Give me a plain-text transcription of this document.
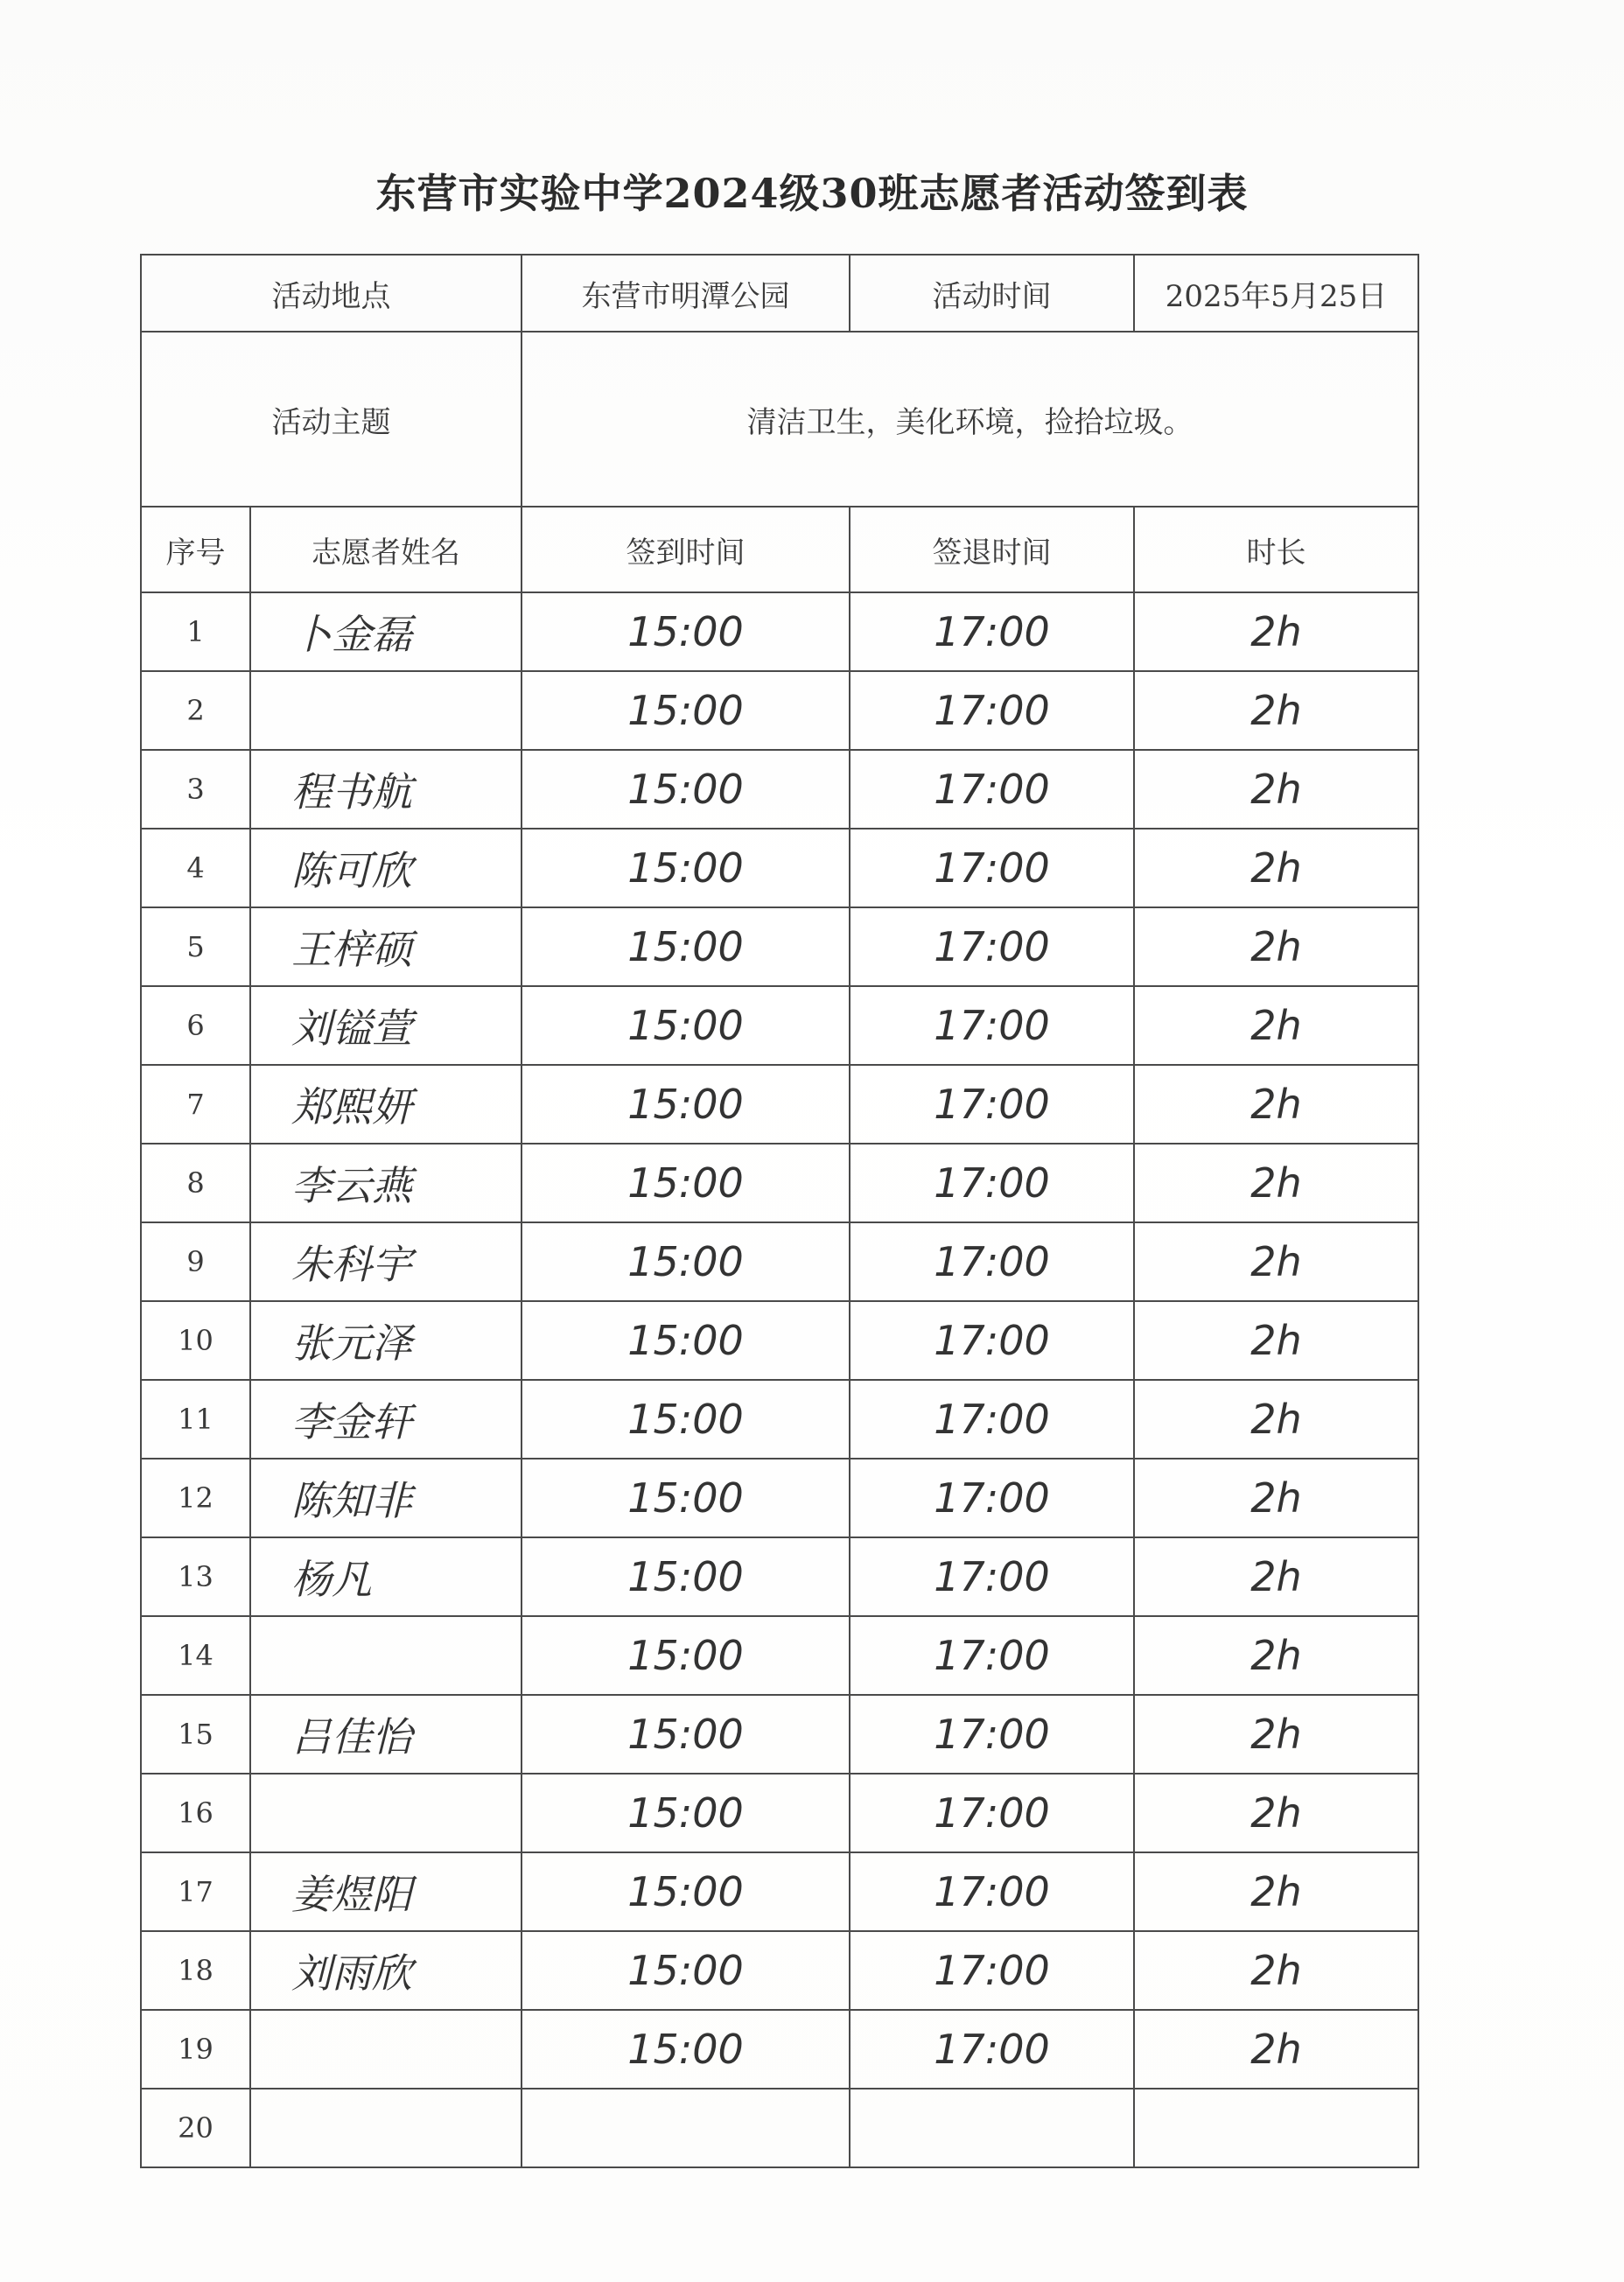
东营市实验中学2024级30班志愿者活动签到表
活动地点		东营市明潭公园	活动时间	2025年5月25日
活动主题		清洁卫生，美化环境，捡拾垃圾。		
序号	志愿者姓名	签到时间	签退时间	时长
1	卜金磊	15:00	17:00	2h
2		15:00	17:00	2h
3	程书航	15:00	17:00	2h
4	陈可欣	15:00	17:00	2h
5	王梓硕	15:00	17:00	2h
6	刘镒萱	15:00	17:00	2h
7	郑熙妍	15:00	17:00	2h
8	李云燕	15:00	17:00	2h
9	朱科宇	15:00	17:00	2h
10	张元泽	15:00	17:00	2h
11	李金轩	15:00	17:00	2h
12	陈知非	15:00	17:00	2h
13	杨凡	15:00	17:00	2h
14		15:00	17:00	2h
15	吕佳怡	15:00	17:00	2h
16		15:00	17:00	2h
17	姜煜阳	15:00	17:00	2h
18	刘雨欣	15:00	17:00	2h
19		15:00	17:00	2h
20				
